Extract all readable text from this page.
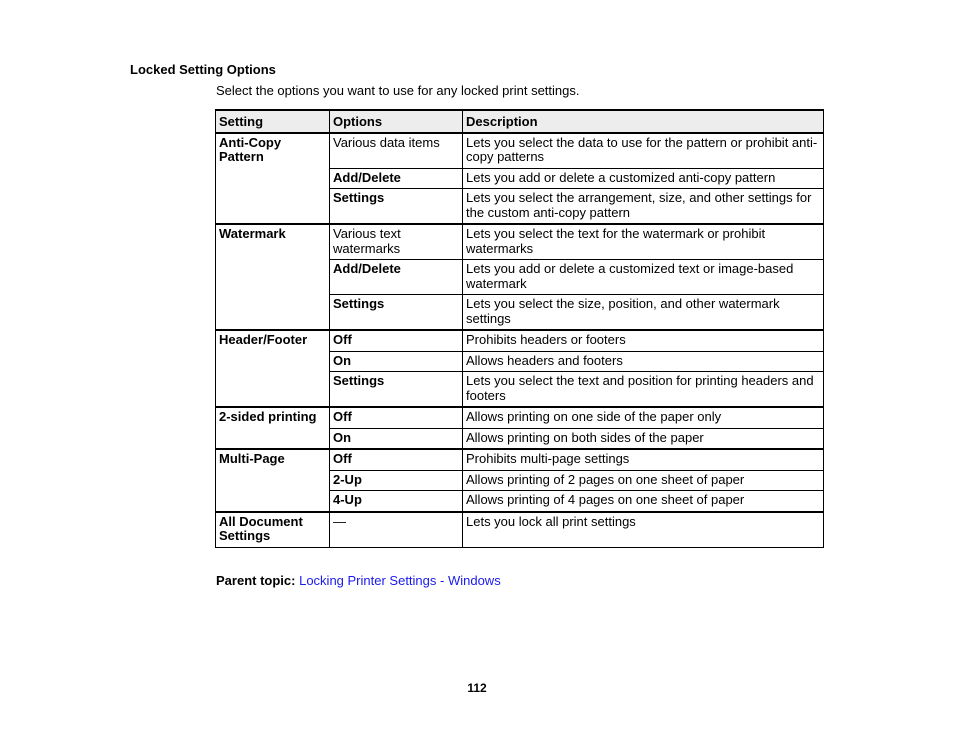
Locked Setting Options

Select the options you want to use for any locked print settings.

Setting	Options	Description
Anti-Copy Pattern	Various data items	Lets you select the data to use for the pattern or prohibit anti-copy patterns
	Add/Delete	Lets you add or delete a customized anti-copy pattern
	Settings	Lets you select the arrangement, size, and other settings for the custom anti-copy pattern
Watermark	Various text watermarks	Lets you select the text for the watermark or prohibit watermarks
	Add/Delete	Lets you add or delete a customized text or image-based watermark
	Settings	Lets you select the size, position, and other watermark settings
Header/Footer	Off	Prohibits headers or footers
	On	Allows headers and footers
	Settings	Lets you select the text and position for printing headers and footers
2-sided printing	Off	Allows printing on one side of the paper only
	On	Allows printing on both sides of the paper
Multi-Page	Off	Prohibits multi-page settings
	2-Up	Allows printing of 2 pages on one sheet of paper
	4-Up	Allows printing of 4 pages on one sheet of paper
All Document Settings	—	Lets you lock all print settings

Parent topic: Locking Printer Settings - Windows

112
